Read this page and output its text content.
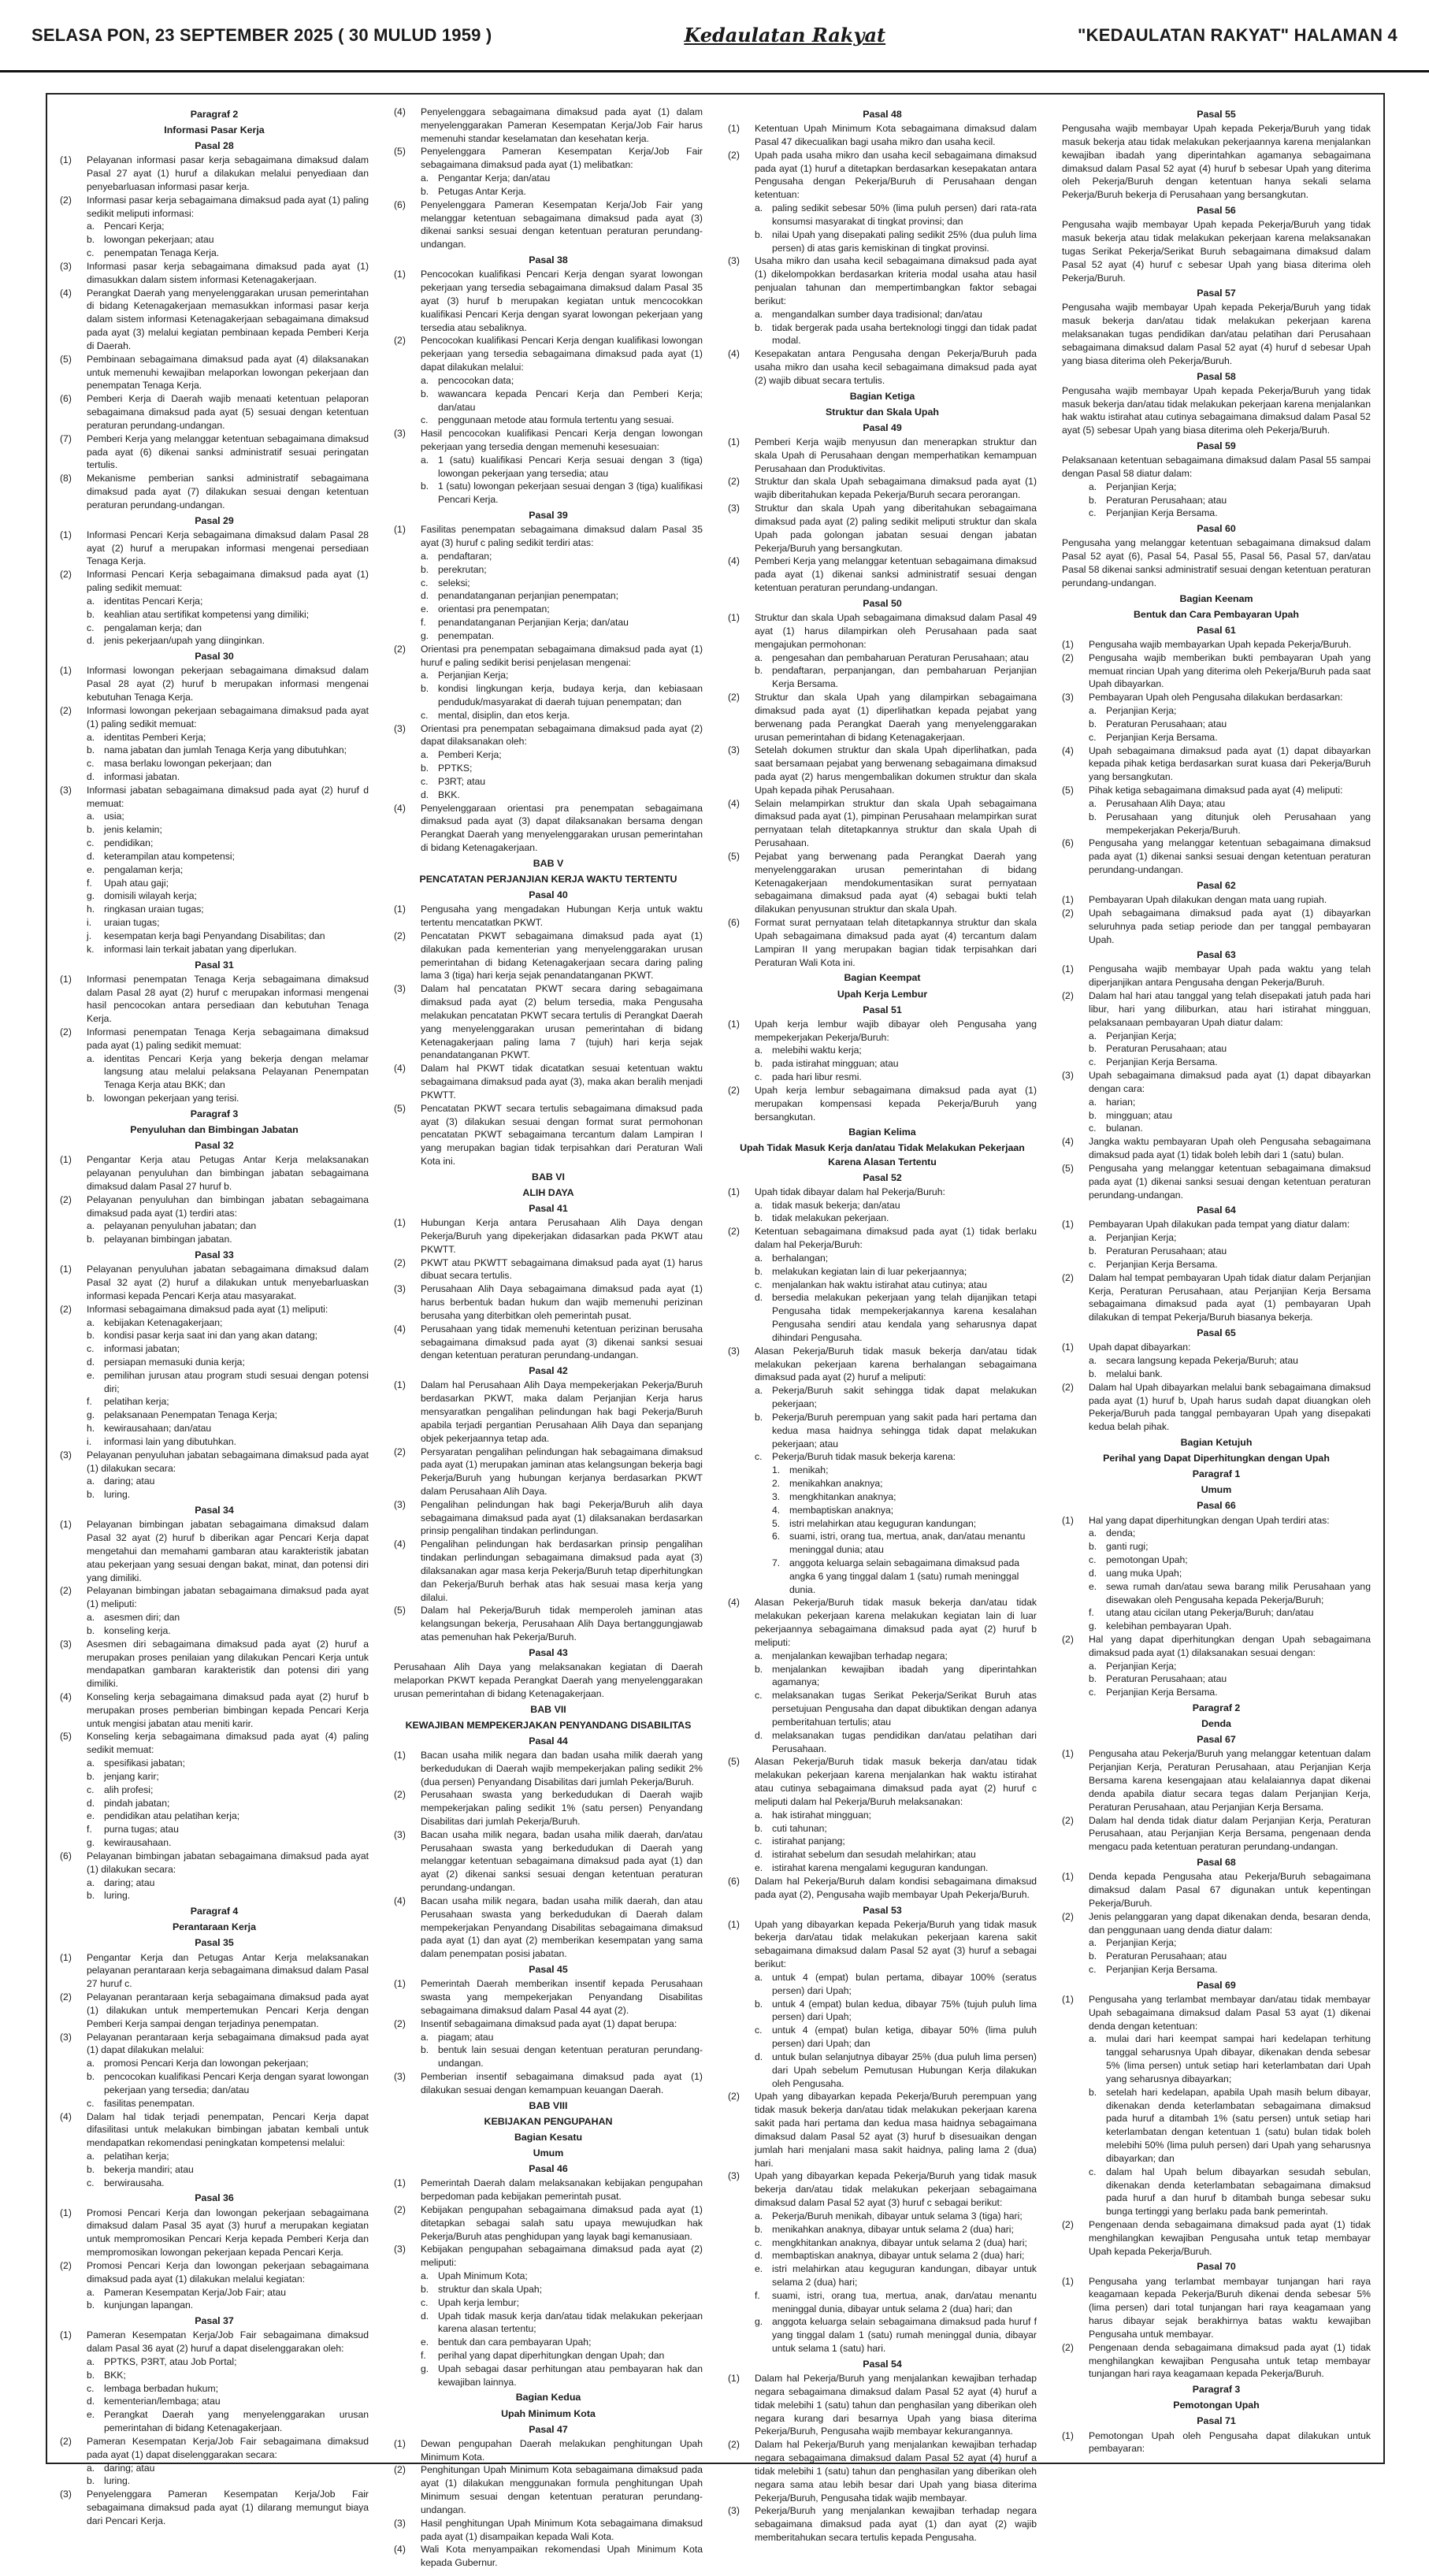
SELASA PON, 23 SEPTEMBER 2025 ( 30 MULUD 1959 )	Kedaulatan Rakyat	"KEDAULATAN RAKYAT" HALAMAN 4
Paragraf 2
Informasi Pasar Kerja
Pasal 28
(1)	Pelayanan informasi pasar kerja sebagaimana dimaksud dalam Pasal 27 ayat (1) huruf a dilakukan melalui penyediaan dan penyebarluasan informasi pasar kerja.
(2)	Informasi pasar kerja sebagaimana dimaksud pada ayat (1) paling sedikit meliputi informasi:
a. Pencari Kerja;
b. lowongan pekerjaan; atau
c.	penempatan Tenaga Kerja.
(3)	Informasi pasar kerja sebagaimana dimaksud pada ayat (1) dimasukkan dalam sistem informasi Ketenagakerjaan.
(4)	Perangkat Daerah yang menyelenggarakan urusan pemerintahan di bidang Ketenagakerjaan memasukkan informasi pasar kerja dalam sistem informasi Ketenagakerjaan sebagaimana dimaksud pada ayat (3) melalui kegiatan pembinaan kepada Pemberi Kerja di Daerah.
(5)	Pembinaan sebagaimana dimaksud pada ayat (4) dilaksanakan untuk memenuhi kewajiban melaporkan lowongan pekerjaan dan penempatan Tenaga Kerja.
(6)	Pemberi Kerja di Daerah wajib menaati ketentuan pelaporan sebagaimana dimaksud pada ayat (5) sesuai dengan ketentuan peraturan perundang-undangan.
(7)	Pemberi Kerja yang melanggar ketentuan sebagaimana dimaksud pada ayat (6) dikenai sanksi administratif sesuai peringatan tertulis.
(8)	Mekanisme pemberian sanksi administratif sebagaimana dimaksud pada ayat (7) dilakukan sesuai dengan ketentuan peraturan perundang-undangan.
Pasal 29
(1)	Informasi Pencari Kerja sebagaimana dimaksud dalam Pasal 28 ayat (2) huruf a merupakan informasi mengenai persediaan Tenaga Kerja.
(2)	Informasi Pencari Kerja sebagaimana dimaksud pada ayat (1) paling sedikit memuat:
a. identitas Pencari Kerja;
b. keahlian atau sertifikat kompetensi yang dimiliki;
c.	pengalaman kerja; dan
d. jenis pekerjaan/upah yang diinginkan.
Pasal 30
(1)	Informasi lowongan pekerjaan sebagaimana dimaksud dalam Pasal 28 ayat (2) huruf b merupakan informasi mengenai kebutuhan Tenaga Kerja.
(2)	Informasi lowongan pekerjaan sebagaimana dimaksud pada ayat (1) paling sedikit memuat:
a. identitas Pemberi Kerja;
b. nama jabatan dan jumlah Tenaga Kerja yang dibutuhkan;
c.	masa berlaku lowongan pekerjaan; dan
d. informasi jabatan.
(3)	Informasi jabatan sebagaimana dimaksud pada ayat (2) huruf d memuat:
a. usia;
b. jenis kelamin;
c.	pendidikan;
d. keterampilan atau kompetensi;
e. pengalaman kerja;
f.	Upah atau gaji;
g. domisili wilayah kerja;
h. ringkasan uraian tugas;
i.	uraian tugas;
j.	kesempatan kerja bagi Penyandang Disabilitas; dan
k.	informasi lain terkait jabatan yang diperlukan.
Pasal 31
(1)	Informasi penempatan Tenaga Kerja sebagaimana dimaksud dalam Pasal 28 ayat (2) huruf c merupakan informasi mengenai hasil pencocokan antara persediaan dan kebutuhan Tenaga Kerja.
(2)	Informasi penempatan Tenaga Kerja sebagaimana dimaksud pada ayat (1) paling sedikit memuat:
a. identitas Pencari Kerja yang bekerja dengan melamar langsung atau melalui pelaksana Pelayanan Penempatan Tenaga Kerja atau BKK; dan
b. lowongan pekerjaan yang terisi.
Paragraf 3
Penyuluhan dan Bimbingan Jabatan
Pasal 32
(1)	Pengantar Kerja atau Petugas Antar Kerja melaksanakan pelayanan penyuluhan dan bimbingan jabatan sebagaimana dimaksud dalam Pasal 27 huruf b.
(2)	Pelayanan penyuluhan dan bimbingan jabatan sebagaimana dimaksud pada ayat (1) terdiri atas:
a. pelayanan penyuluhan jabatan; dan
b. pelayanan bimbingan jabatan.
Pasal 33
(1)	Pelayanan penyuluhan jabatan sebagaimana dimaksud dalam Pasal 32 ayat (2) huruf a dilakukan untuk menyebarluaskan informasi kepada Pencari Kerja atau masyarakat.
(2)	Informasi sebagaimana dimaksud pada ayat (1) meliputi:
a. kebijakan Ketenagakerjaan;
b. kondisi pasar kerja saat ini dan yang akan datang;
c.	informasi jabatan;
d. persiapan memasuki dunia kerja;
e. pemilihan jurusan atau program studi sesuai dengan potensi diri;
f.	pelatihan kerja;
g. pelaksanaan Penempatan Tenaga Kerja;
h. kewirausahaan; dan/atau
i.	informasi lain yang dibutuhkan.
(3)	Pelayanan penyuluhan jabatan sebagaimana dimaksud pada ayat (1) dilakukan secara:
a. daring; atau
b. luring.
Pasal 34
(1)	Pelayanan bimbingan jabatan sebagaimana dimaksud dalam Pasal 32 ayat (2) huruf b diberikan agar Pencari Kerja dapat mengetahui dan memahami gambaran atau karakteristik jabatan atau pekerjaan yang sesuai dengan bakat, minat, dan potensi diri yang dimiliki.
(2)	Pelayanan bimbingan jabatan sebagaimana dimaksud pada ayat (1) meliputi:
a. asesmen diri; dan
b. konseling kerja.
(3)	Asesmen diri sebagaimana dimaksud pada ayat (2) huruf a merupakan proses penilaian yang dilakukan Pencari Kerja untuk mendapatkan gambaran karakteristik dan potensi diri yang dimiliki.
(4)	Konseling kerja sebagaimana dimaksud pada ayat (2) huruf b merupakan proses pemberian bimbingan kepada Pencari Kerja untuk mengisi jabatan atau meniti karir.
(5)	Konseling kerja sebagaimana dimaksud pada ayat (4) paling sedikit memuat:
a. spesifikasi jabatan;
b. jenjang karir;
c.	alih profesi;
d. pindah jabatan;
e. pendidikan atau pelatihan kerja;
f.	purna tugas; atau
g. kewirausahaan.
(6)	Pelayanan bimbingan jabatan sebagaimana dimaksud pada ayat (1) dilakukan secara:
a. daring; atau
b. luring.
Paragraf 4
Perantaraan Kerja
Pasal 35
(1)	Pengantar Kerja dan Petugas Antar Kerja melaksanakan pelayanan perantaraan kerja sebagaimana dimaksud dalam Pasal 27 huruf c.
(2)	Pelayanan perantaraan kerja sebagaimana dimaksud pada ayat (1) dilakukan untuk mempertemukan Pencari Kerja dengan Pemberi Kerja sampai dengan terjadinya penempatan.
(3)	Pelayanan perantaraan kerja sebagaimana dimaksud pada ayat (1) dapat dilakukan melalui:
a. promosi Pencari Kerja dan lowongan pekerjaan;
b. pencocokan kualifikasi Pencari Kerja dengan syarat lowongan pekerjaan yang tersedia; dan/atau
c.	fasilitas penempatan.
(4)	Dalam hal tidak terjadi penempatan, Pencari Kerja dapat difasilitasi untuk melakukan bimbingan jabatan kembali untuk mendapatkan rekomendasi peningkatan kompetensi melalui:
a. pelatihan kerja;
b. bekerja mandiri; atau
c.	berwirausaha.
Pasal 36
(1)	Promosi Pencari Kerja dan lowongan pekerjaan sebagaimana dimaksud dalam Pasal 35 ayat (3) huruf a merupakan kegiatan untuk mempromosikan Pencari Kerja kepada Pemberi Kerja dan mempromosikan lowongan pekerjaan kepada Pencari Kerja.
(2)	Promosi Pencari Kerja dan lowongan pekerjaan sebagaimana dimaksud pada ayat (1) dilakukan melalui kegiatan:
a. Pameran Kesempatan Kerja/Job Fair; atau
b. kunjungan lapangan.
Pasal 37
(1)	Pameran Kesempatan Kerja/Job Fair sebagaimana dimaksud dalam Pasal 36 ayat (2) huruf a dapat diselenggarakan oleh:
a. PPTKS, P3RT, atau Job Portal;
b. BKK;
c.	lembaga berbadan hukum;
d. kementerian/lembaga; atau
e. Perangkat Daerah yang menyelenggarakan urusan pemerintahan di bidang Ketenagakerjaan.
(2)	Pameran Kesempatan Kerja/Job Fair sebagaimana dimaksud pada ayat (1) dapat diselenggarakan secara:
a. daring; atau
b. luring.
(3)	Penyelenggara Pameran Kesempatan Kerja/Job Fair sebagaimana dimaksud pada ayat (1) dilarang memungut biaya dari Pencari Kerja.
(4)	Penyelenggara sebagaimana dimaksud pada ayat (1) dalam menyelenggarakan Pameran Kesempatan Kerja/Job Fair harus memenuhi standar keselamatan dan kesehatan kerja.
(5)	Penyelenggara Pameran Kesempatan Kerja/Job Fair sebagaimana dimaksud pada ayat (1) melibatkan:
a. Pengantar Kerja; dan/atau
b. Petugas Antar Kerja.
(6)	Penyelenggara Pameran Kesempatan Kerja/Job Fair yang melanggar ketentuan sebagaimana dimaksud pada ayat (3) dikenai sanksi sesuai dengan ketentuan peraturan perundang-undangan.
Pasal 38
(1)	Pencocokan kualifikasi Pencari Kerja dengan syarat lowongan pekerjaan yang tersedia sebagaimana dimaksud dalam Pasal 35 ayat (3) huruf b merupakan kegiatan untuk mencocokkan kualifikasi Pencari Kerja dengan syarat lowongan pekerjaan yang tersedia atau sebaliknya.
(2)	Pencocokan kualifikasi Pencari Kerja dengan kualifikasi lowongan pekerjaan yang tersedia sebagaimana dimaksud pada ayat (1) dapat dilakukan melalui:
a. pencocokan data;
b. wawancara kepada Pencari Kerja dan Pemberi Kerja; dan/atau
c.	penggunaan metode atau formula tertentu yang sesuai.
(3)	Hasil pencocokan kualifikasi Pencari Kerja dengan lowongan pekerjaan yang tersedia dengan memenuhi kesesuaian:
a. 1 (satu) kualifikasi Pencari Kerja sesuai dengan 3 (tiga) lowongan pekerjaan yang tersedia; atau
b. 1 (satu) lowongan pekerjaan sesuai dengan 3 (tiga) kualifikasi Pencari Kerja.
Pasal 39
(1)	Fasilitas penempatan sebagaimana dimaksud dalam Pasal 35 ayat (3) huruf c paling sedikit terdiri atas:
a. pendaftaran;
b. perekrutan;
c.	seleksi;
d. penandatanganan perjanjian penempatan;
e. orientasi pra penempatan;
f.	penandatanganan Perjanjian Kerja; dan/atau
g. penempatan.
(2)	Orientasi pra penempatan sebagaimana dimaksud pada ayat (1) huruf e paling sedikit berisi penjelasan mengenai:
a. Perjanjian Kerja;
b. kondisi lingkungan kerja, budaya kerja, dan kebiasaan penduduk/masyarakat di daerah tujuan penempatan; dan
c.	mental, disiplin, dan etos kerja.
(3)	Orientasi pra penempatan sebagaimana dimaksud pada ayat (2) dapat dilaksanakan oleh:
a. Pemberi Kerja;
b. PPTKS;
c.	P3RT; atau
d. BKK.
(4)	Penyelenggaraan orientasi pra penempatan sebagaimana dimaksud pada ayat (3) dapat dilaksanakan bersama dengan Perangkat Daerah yang menyelenggarakan urusan pemerintahan di bidang Ketenagakerjaan.
BAB V
PENCATATAN PERJANJIAN KERJA WAKTU TERTENTU
Pasal 40
(1)	Pengusaha yang mengadakan Hubungan Kerja untuk waktu tertentu mencatatkan PKWT.
(2)	Pencatatan PKWT sebagaimana dimaksud pada ayat (1) dilakukan pada kementerian yang menyelenggarakan urusan pemerintahan di bidang Ketenagakerjaan secara daring paling lama 3 (tiga) hari kerja sejak penandatanganan PKWT.
(3)	Dalam hal pencatatan PKWT secara daring sebagaimana dimaksud pada ayat (2) belum tersedia, maka Pengusaha melakukan pencatatan PKWT secara tertulis di Perangkat Daerah yang menyelenggarakan urusan pemerintahan di bidang Ketenagakerjaan paling lama 7 (tujuh) hari kerja sejak penandatanganan PKWT.
(4)	Dalam hal PKWT tidak dicatatkan sesuai ketentuan waktu sebagaimana dimaksud pada ayat (3), maka akan beralih menjadi PKWTT.
(5)	Pencatatan PKWT secara tertulis sebagaimana dimaksud pada ayat (3) dilakukan sesuai dengan format surat permohonan pencatatan PKWT sebagaimana tercantum dalam Lampiran I yang merupakan bagian tidak terpisahkan dari Peraturan Wali Kota ini.
BAB VI
ALIH DAYA
Pasal 41
(1)	Hubungan Kerja antara Perusahaan Alih Daya dengan Pekerja/Buruh yang dipekerjakan didasarkan pada PKWT atau PKWTT.
(2)	PKWT atau PKWTT sebagaimana dimaksud pada ayat (1) harus dibuat secara tertulis.
(3)	Perusahaan Alih Daya sebagaimana dimaksud pada ayat (1) harus berbentuk badan hukum dan wajib memenuhi perizinan berusaha yang diterbitkan oleh pemerintah pusat.
(4)	Perusahaan yang tidak memenuhi ketentuan perizinan berusaha sebagaimana dimaksud pada ayat (3) dikenai sanksi sesuai dengan ketentuan peraturan perundang-undangan.
Pasal 42
(1)	Dalam hal Perusahaan Alih Daya mempekerjakan Pekerja/Buruh berdasarkan PKWT, maka dalam Perjanjian Kerja harus mensyaratkan pengalihan pelindungan hak bagi Pekerja/Buruh apabila terjadi pergantian Perusahaan Alih Daya dan sepanjang objek pekerjaannya tetap ada.
(2)	Persyaratan pengalihan pelindungan hak sebagaimana dimaksud pada ayat (1) merupakan jaminan atas kelangsungan bekerja bagi Pekerja/Buruh yang hubungan kerjanya berdasarkan PKWT dalam Perusahaan Alih Daya.
(3)	Pengalihan pelindungan hak bagi Pekerja/Buruh alih daya sebagaimana dimaksud pada ayat (1) dilaksanakan berdasarkan prinsip pengalihan tindakan perlindungan.
(4)	Pengalihan pelindungan hak berdasarkan prinsip pengalihan tindakan perlindungan sebagaimana dimaksud pada ayat (3) dilaksanakan agar masa kerja Pekerja/Buruh tetap diperhitungkan dan Pekerja/Buruh berhak atas hak sesuai masa kerja yang dilalui.
(5)	Dalam hal Pekerja/Buruh tidak memperoleh jaminan atas kelangsungan bekerja, Perusahaan Alih Daya bertanggungjawab atas pemenuhan hak Pekerja/Buruh.
Pasal 43
Perusahaan Alih Daya yang melaksanakan kegiatan di Daerah melaporkan PKWT kepada Perangkat Daerah yang menyelenggarakan urusan pemerintahan di bidang Ketenagakerjaan.
BAB VII
KEWAJIBAN MEMPEKERJAKAN PENYANDANG DISABILITAS
Pasal 44
(1)	Bacan usaha milik negara dan badan usaha milik daerah yang berkedudukan di Daerah wajib mempekerjakan paling sedikit 2% (dua persen) Penyandang Disabilitas dari jumlah Pekerja/Buruh.
(2)	Perusahaan swasta yang berkedudukan di Daerah wajib mempekerjakan paling sedikit 1% (satu persen) Penyandang Disabilitas dari jumlah Pekerja/Buruh.
(3)	Bacan usaha milik negara, badan usaha milik daerah, dan/atau Perusahaan swasta yang berkedudukan di Daerah yang melanggar ketentuan sebagaimana dimaksud pada ayat (1) dan ayat (2) dikenai sanksi sesuai dengan ketentuan peraturan perundang-undangan.
(4)	Bacan usaha milik negara, badan usaha milik daerah, dan atau Perusahaan swasta yang berkedudukan di Daerah dalam mempekerjakan Penyandang Disabilitas sebagaimana dimaksud pada ayat (1) dan ayat (2) memberikan kesempatan yang sama dalam penempatan posisi jabatan.
Pasal 45
(1)	Pemerintah Daerah memberikan insentif kepada Perusahaan swasta yang mempekerjakan Penyandang Disabilitas sebagaimana dimaksud dalam Pasal 44 ayat (2).
(2)	Insentif sebagaimana dimaksud pada ayat (1) dapat berupa:
a. piagam; atau
b. bentuk lain sesuai dengan ketentuan peraturan perundang-undangan.
(3)	Pemberian insentif sebagaimana dimaksud pada ayat (1) dilakukan sesuai dengan kemampuan keuangan Daerah.
BAB VIII
KEBIJAKAN PENGUPAHAN
Bagian Kesatu
Umum
Pasal 46
(1)	Pemerintah Daerah dalam melaksanakan kebijakan pengupahan berpedoman pada kebijakan pemerintah pusat.
(2)	Kebijakan pengupahan sebagaimana dimaksud pada ayat (1) ditetapkan sebagai salah satu upaya mewujudkan hak Pekerja/Buruh atas penghidupan yang layak bagi kemanusiaan.
(3)	Kebijakan pengupahan sebagaimana dimaksud pada ayat (2) meliputi:
a. Upah Minimum Kota;
b. struktur dan skala Upah;
c.	Upah kerja lembur;
d. Upah tidak masuk kerja dan/atau tidak melakukan pekerjaan karena alasan tertentu;
e. bentuk dan cara pembayaran Upah;
f.	perihal yang dapat diperhitungkan dengan Upah; dan
g. Upah sebagai dasar perhitungan atau pembayaran hak dan kewajiban lainnya.
Bagian Kedua
Upah Minimum Kota
Pasal 47
(1)	Dewan pengupahan Daerah melakukan penghitungan Upah Minimum Kota.
(2)	Penghitungan Upah Minimum Kota sebagaimana dimaksud pada ayat (1) dilakukan menggunakan formula penghitungan Upah Minimum sesuai dengan ketentuan peraturan perundang-undangan.
(3)	Hasil penghitungan Upah Minimum Kota sebagaimana dimaksud pada ayat (1) disampaikan kepada Wali Kota.
(4)	Wali Kota menyampaikan rekomendasi Upah Minimum Kota kepada Gubernur.
Pasal 48
(1)	Ketentuan Upah Minimum Kota sebagaimana dimaksud dalam Pasal 47 dikecualikan bagi usaha mikro dan usaha kecil.
(2)	Upah pada usaha mikro dan usaha kecil sebagaimana dimaksud pada ayat (1) huruf a ditetapkan berdasarkan kesepakatan antara Pengusaha dengan Pekerja/Buruh di Perusahaan dengan ketentuan:
a. paling sedikit sebesar 50% (lima puluh persen) dari rata-rata konsumsi masyarakat di tingkat provinsi; dan
b. nilai Upah yang disepakati paling sedikit 25% (dua puluh lima persen) di atas garis kemiskinan di tingkat provinsi.
(3)	Usaha mikro dan usaha kecil sebagaimana dimaksud pada ayat (1) dikelompokkan berdasarkan kriteria modal usaha atau hasil penjualan tahunan dan mempertimbangkan faktor sebagai berikut:
a. mengandalkan sumber daya tradisional; dan/atau
b. tidak bergerak pada usaha berteknologi tinggi dan tidak padat modal.
(4)	Kesepakatan antara Pengusaha dengan Pekerja/Buruh pada usaha mikro dan usaha kecil sebagaimana dimaksud pada ayat (2) wajib dibuat secara tertulis.
Bagian Ketiga
Struktur dan Skala Upah
Pasal 49
(1)	Pemberi Kerja wajib menyusun dan menerapkan struktur dan skala Upah di Perusahaan dengan memperhatikan kemampuan Perusahaan dan Produktivitas.
(2)	Struktur dan skala Upah sebagaimana dimaksud pada ayat (1) wajib diberitahukan kepada Pekerja/Buruh secara perorangan.
(3)	Struktur dan skala Upah yang diberitahukan sebagaimana dimaksud pada ayat (2) paling sedikit meliputi struktur dan skala Upah pada golongan jabatan sesuai dengan jabatan Pekerja/Buruh yang bersangkutan.
(4)	Pemberi Kerja yang melanggar ketentuan sebagaimana dimaksud pada ayat (1) dikenai sanksi administratif sesuai dengan ketentuan peraturan perundang-undangan.
Pasal 50
(1)	Struktur dan skala Upah sebagaimana dimaksud dalam Pasal 49 ayat (1) harus dilampirkan oleh Perusahaan pada saat mengajukan permohonan:
a. pengesahan dan pembaharuan Peraturan Perusahaan; atau
b. pendaftaran, perpanjangan, dan pembaharuan Perjanjian Kerja Bersama.
(2)	Struktur dan skala Upah yang dilampirkan sebagaimana dimaksud pada ayat (1) diperlihatkan kepada pejabat yang berwenang pada Perangkat Daerah yang menyelenggarakan urusan pemerintahan di bidang Ketenagakerjaan.
(3)	Setelah dokumen struktur dan skala Upah diperlihatkan, pada saat bersamaan pejabat yang berwenang sebagaimana dimaksud pada ayat (2) harus mengembalikan dokumen struktur dan skala Upah kepada pihak Perusahaan.
(4)	Selain melampirkan struktur dan skala Upah sebagaimana dimaksud pada ayat (1), pimpinan Perusahaan melampirkan surat pernyataan telah ditetapkannya struktur dan skala Upah di Perusahaan.
(5)	Pejabat yang berwenang pada Perangkat Daerah yang menyelenggarakan urusan pemerintahan di bidang Ketenagakerjaan mendokumentasikan surat pernyataan sebagaimana dimaksud pada ayat (4) sebagai bukti telah dilakukan penyusunan struktur dan skala Upah.
(6)	Format surat pernyataan telah ditetapkannya struktur dan skala Upah sebagaimana dimaksud pada ayat (4) tercantum dalam Lampiran II yang merupakan bagian tidak terpisahkan dari Peraturan Wali Kota ini.
Bagian Keempat
Upah Kerja Lembur
Pasal 51
(1)	Upah kerja lembur wajib dibayar oleh Pengusaha yang mempekerjakan Pekerja/Buruh:
a. melebihi waktu kerja;
b. pada istirahat mingguan; atau
c.	pada hari libur resmi.
(2)	Upah kerja lembur sebagaimana dimaksud pada ayat (1) merupakan kompensasi kepada Pekerja/Buruh yang bersangkutan.
Bagian Kelima
Upah Tidak Masuk Kerja dan/atau Tidak Melakukan Pekerjaan Karena Alasan Tertentu
Pasal 52
(1)	Upah tidak dibayar dalam hal Pekerja/Buruh:
a. tidak masuk bekerja; dan/atau
b. tidak melakukan pekerjaan.
(2)	Ketentuan sebagaimana dimaksud pada ayat (1) tidak berlaku dalam hal Pekerja/Buruh:
a. berhalangan;
b. melakukan kegiatan lain di luar pekerjaannya;
c.	menjalankan hak waktu istirahat atau cutinya; atau
d. bersedia melakukan pekerjaan yang telah dijanjikan tetapi Pengusaha tidak mempekerjakannya karena kesalahan Pengusaha sendiri atau kendala yang seharusnya dapat dihindari Pengusaha.
(3)	Alasan Pekerja/Buruh tidak masuk bekerja dan/atau tidak melakukan pekerjaan karena berhalangan sebagaimana dimaksud pada ayat (2) huruf a meliputi:
a. Pekerja/Buruh sakit sehingga tidak dapat melakukan pekerjaan;
b. Pekerja/Buruh perempuan yang sakit pada hari pertama dan kedua masa haidnya sehingga tidak dapat melakukan pekerjaan; atau
c.	Pekerja/Buruh tidak masuk bekerja karena:
1. menikah;
2. menikahkan anaknya;
3. mengkhitankan anaknya;
4. membaptiskan anaknya;
5. istri melahirkan atau keguguran kandungan;
6. suami, istri, orang tua, mertua, anak, dan/atau menantu meninggal dunia; atau
7. anggota keluarga selain sebagaimana dimaksud pada angka 6 yang tinggal dalam 1 (satu) rumah meninggal dunia.
(4)	Alasan Pekerja/Buruh tidak masuk bekerja dan/atau tidak melakukan pekerjaan karena melakukan kegiatan lain di luar pekerjaannya sebagaimana dimaksud pada ayat (2) huruf b meliputi:
a. menjalankan kewajiban terhadap negara;
b. menjalankan kewajiban ibadah yang diperintahkan agamanya;
c.	melaksanakan tugas Serikat Pekerja/Serikat Buruh atas persetujuan Pengusaha dan dapat dibuktikan dengan adanya pemberitahuan tertulis; atau
d. melaksanakan tugas pendidikan dan/atau pelatihan dari Perusahaan.
(5)	Alasan Pekerja/Buruh tidak masuk bekerja dan/atau tidak melakukan pekerjaan karena menjalankan hak waktu istirahat atau cutinya sebagaimana dimaksud pada ayat (2) huruf c meliputi dalam hal Pekerja/Buruh melaksanakan:
a. hak istirahat mingguan;
b. cuti tahunan;
c.	istirahat panjang;
d. istirahat sebelum dan sesudah melahirkan; atau
e. istirahat karena mengalami keguguran kandungan.
(6)	Dalam hal Pekerja/Buruh dalam kondisi sebagaimana dimaksud pada ayat (2), Pengusaha wajib membayar Upah Pekerja/Buruh.
Pasal 53
(1)	Upah yang dibayarkan kepada Pekerja/Buruh yang tidak masuk bekerja dan/atau tidak melakukan pekerjaan karena sakit sebagaimana dimaksud dalam Pasal 52 ayat (3) huruf a sebagai berikut:
a. untuk 4 (empat) bulan pertama, dibayar 100% (seratus persen) dari Upah;
b. untuk 4 (empat) bulan kedua, dibayar 75% (tujuh puluh lima persen) dari Upah;
c.	untuk 4 (empat) bulan ketiga, dibayar 50% (lima puluh persen) dari Upah; dan
d. untuk bulan selanjutnya dibayar 25% (dua puluh lima persen) dari Upah sebelum Pemutusan Hubungan Kerja dilakukan oleh Pengusaha.
(2)	Upah yang dibayarkan kepada Pekerja/Buruh perempuan yang tidak masuk bekerja dan/atau tidak melakukan pekerjaan karena sakit pada hari pertama dan kedua masa haidnya sebagaimana dimaksud dalam Pasal 52 ayat (3) huruf b disesuaikan dengan jumlah hari menjalani masa sakit haidnya, paling lama 2 (dua) hari.
(3)	Upah yang dibayarkan kepada Pekerja/Buruh yang tidak masuk bekerja dan/atau tidak melakukan pekerjaan sebagaimana dimaksud dalam Pasal 52 ayat (3) huruf c sebagai berikut:
a. Pekerja/Buruh menikah, dibayar untuk selama 3 (tiga) hari;
b. menikahkan anaknya, dibayar untuk selama 2 (dua) hari;
c.	mengkhitankan anaknya, dibayar untuk selama 2 (dua) hari;
d. membaptiskan anaknya, dibayar untuk selama 2 (dua) hari;
e. istri melahirkan atau keguguran kandungan, dibayar untuk selama 2 (dua) hari;
f.	suami, istri, orang tua, mertua, anak, dan/atau menantu meninggal dunia, dibayar untuk selama 2 (dua) hari; dan
g. anggota keluarga selain sebagaimana dimaksud pada huruf f yang tinggal dalam 1 (satu) rumah meninggal dunia, dibayar untuk selama 1 (satu) hari.
Pasal 54
(1)	Dalam hal Pekerja/Buruh yang menjalankan kewajiban terhadap negara sebagaimana dimaksud dalam Pasal 52 ayat (4) huruf a tidak melebihi 1 (satu) tahun dan penghasilan yang diberikan oleh negara kurang dari besarnya Upah yang biasa diterima Pekerja/Buruh, Pengusaha wajib membayar kekurangannya.
(2)	Dalam hal Pekerja/Buruh yang menjalankan kewajiban terhadap negara sebagaimana dimaksud dalam Pasal 52 ayat (4) huruf a tidak melebihi 1 (satu) tahun dan penghasilan yang diberikan oleh negara sama atau lebih besar dari Upah yang biasa diterima Pekerja/Buruh, Pengusaha tidak wajib membayar.
(3)	Pekerja/Buruh yang menjalankan kewajiban terhadap negara sebagaimana dimaksud pada ayat (1) dan ayat (2) wajib memberitahukan secara tertulis kepada Pengusaha.
Pasal 55
Pengusaha wajib membayar Upah kepada Pekerja/Buruh yang tidak masuk bekerja atau tidak melakukan pekerjaannya karena menjalankan kewajiban ibadah yang diperintahkan agamanya sebagaimana dimaksud dalam Pasal 52 ayat (4) huruf b sebesar Upah yang diterima oleh Pekerja/Buruh dengan ketentuan hanya sekali selama Pekerja/Buruh bekerja di Perusahaan yang bersangkutan.
Pasal 56
Pengusaha wajib membayar Upah kepada Pekerja/Buruh yang tidak masuk bekerja atau tidak melakukan pekerjaan karena melaksanakan tugas Serikat Pekerja/Serikat Buruh sebagaimana dimaksud dalam Pasal 52 ayat (4) huruf c sebesar Upah yang biasa diterima oleh Pekerja/Buruh.
Pasal 57
Pengusaha wajib membayar Upah kepada Pekerja/Buruh yang tidak masuk bekerja dan/atau tidak melakukan pekerjaan karena melaksanakan tugas pendidikan dan/atau pelatihan dari Perusahaan sebagaimana dimaksud dalam Pasal 52 ayat (4) huruf d sebesar Upah yang biasa diterima oleh Pekerja/Buruh.
Pasal 58
Pengusaha wajib membayar Upah kepada Pekerja/Buruh yang tidak masuk bekerja dan/atau tidak melakukan pekerjaan karena menjalankan hak waktu istirahat atau cutinya sebagaimana dimaksud dalam Pasal 52 ayat (5) sebesar Upah yang biasa diterima oleh Pekerja/Buruh.
Pasal 59
Pelaksanaan ketentuan sebagaimana dimaksud dalam Pasal 55 sampai dengan Pasal 58 diatur dalam:
a. Perjanjian Kerja;
b. Peraturan Perusahaan; atau
c.	Perjanjian Kerja Bersama.
Pasal 60
Pengusaha yang melanggar ketentuan sebagaimana dimaksud dalam Pasal 52 ayat (6), Pasal 54, Pasal 55, Pasal 56, Pasal 57, dan/atau Pasal 58 dikenai sanksi administratif sesuai dengan ketentuan peraturan perundang-undangan.
Bagian Keenam
Bentuk dan Cara Pembayaran Upah
Pasal 61
(1)	Pengusaha wajib membayarkan Upah kepada Pekerja/Buruh.
(2)	Pengusaha wajib memberikan bukti pembayaran Upah yang memuat rincian Upah yang diterima oleh Pekerja/Buruh pada saat Upah dibayarkan.
(3)	Pembayaran Upah oleh Pengusaha dilakukan berdasarkan:
a. Perjanjian Kerja;
b. Peraturan Perusahaan; atau
c.	Perjanjian Kerja Bersama.
(4)	Upah sebagaimana dimaksud pada ayat (1) dapat dibayarkan kepada pihak ketiga berdasarkan surat kuasa dari Pekerja/Buruh yang bersangkutan.
(5)	Pihak ketiga sebagaimana dimaksud pada ayat (4) meliputi:
a. Perusahaan Alih Daya; atau
b. Perusahaan yang ditunjuk oleh Perusahaan yang mempekerjakan Pekerja/Buruh.
(6)	Pengusaha yang melanggar ketentuan sebagaimana dimaksud pada ayat (1) dikenai sanksi sesuai dengan ketentuan peraturan perundang-undangan.
Pasal 62
(1)	Pembayaran Upah dilakukan dengan mata uang rupiah.
(2)	Upah sebagaimana dimaksud pada ayat (1) dibayarkan seluruhnya pada setiap periode dan per tanggal pembayaran Upah.
Pasal 63
(1)	Pengusaha wajib membayar Upah pada waktu yang telah diperjanjikan antara Pengusaha dengan Pekerja/Buruh.
(2)	Dalam hal hari atau tanggal yang telah disepakati jatuh pada hari libur, hari yang diliburkan, atau hari istirahat mingguan, pelaksanaan pembayaran Upah diatur dalam:
a. Perjanjian Kerja;
b. Peraturan Perusahaan; atau
c.	Perjanjian Kerja Bersama.
(3)	Upah sebagaimana dimaksud pada ayat (1) dapat dibayarkan dengan cara:
a. harian;
b. mingguan; atau
c.	bulanan.
(4)	Jangka waktu pembayaran Upah oleh Pengusaha sebagaimana dimaksud pada ayat (1) tidak boleh lebih dari 1 (satu) bulan.
(5)	Pengusaha yang melanggar ketentuan sebagaimana dimaksud pada ayat (1) dikenai sanksi sesuai dengan ketentuan peraturan perundang-undangan.
Pasal 64
(1)	Pembayaran Upah dilakukan pada tempat yang diatur dalam:
a. Perjanjian Kerja;
b. Peraturan Perusahaan; atau
c.	Perjanjian Kerja Bersama.
(2)	Dalam hal tempat pembayaran Upah tidak diatur dalam Perjanjian Kerja, Peraturan Perusahaan, atau Perjanjian Kerja Bersama sebagaimana dimaksud pada ayat (1) pembayaran Upah dilakukan di tempat Pekerja/Buruh biasanya bekerja.
Pasal 65
(1)	Upah dapat dibayarkan:
a. secara langsung kepada Pekerja/Buruh; atau
b. melalui bank.
(2)	Dalam hal Upah dibayarkan melalui bank sebagaimana dimaksud pada ayat (1) huruf b, Upah harus sudah dapat diuangkan oleh Pekerja/Buruh pada tanggal pembayaran Upah yang disepakati kedua belah pihak.
Bagian Ketujuh
Perihal yang Dapat Diperhitungkan dengan Upah
Paragraf 1
Umum
Pasal 66
(1)	Hal yang dapat diperhitungkan dengan Upah terdiri atas:
a. denda;
b. ganti rugi;
c.	pemotongan Upah;
d. uang muka Upah;
e. sewa rumah dan/atau sewa barang milik Perusahaan yang disewakan oleh Pengusaha kepada Pekerja/Buruh;
f.	utang atau cicilan utang Pekerja/Buruh; dan/atau
g. kelebihan pembayaran Upah.
(2)	Hal yang dapat diperhitungkan dengan Upah sebagaimana dimaksud pada ayat (1) dilaksanakan sesuai dengan:
a. Perjanjian Kerja;
b. Peraturan Perusahaan; atau
c.	Perjanjian Kerja Bersama.
Paragraf 2
Denda
Pasal 67
(1)	Pengusaha atau Pekerja/Buruh yang melanggar ketentuan dalam Perjanjian Kerja, Peraturan Perusahaan, atau Perjanjian Kerja Bersama karena kesengajaan atau kelalaiannya dapat dikenai denda apabila diatur secara tegas dalam Perjanjian Kerja, Peraturan Perusahaan, atau Perjanjian Kerja Bersama.
(2)	Dalam hal denda tidak diatur dalam Perjanjian Kerja, Peraturan Perusahaan, atau Perjanjian Kerja Bersama, pengenaan denda mengacu pada ketentuan peraturan perundang-undangan.
Pasal 68
(1)	Denda kepada Pengusaha atau Pekerja/Buruh sebagaimana dimaksud dalam Pasal 67 digunakan untuk kepentingan Pekerja/Buruh.
(2)	Jenis pelanggaran yang dapat dikenakan denda, besaran denda, dan penggunaan uang denda diatur dalam:
a. Perjanjian Kerja;
b. Peraturan Perusahaan; atau
c.	Perjanjian Kerja Bersama.
Pasal 69
(1)	Pengusaha yang terlambat membayar dan/atau tidak membayar Upah sebagaimana dimaksud dalam Pasal 53 ayat (1) dikenai denda dengan ketentuan:
a. mulai dari hari keempat sampai hari kedelapan terhitung tanggal seharusnya Upah dibayar, dikenakan denda sebesar 5% (lima persen) untuk setiap hari keterlambatan dari Upah yang seharusnya dibayarkan;
b. setelah hari kedelapan, apabila Upah masih belum dibayar, dikenakan denda keterlambatan sebagaimana dimaksud pada huruf a ditambah 1% (satu persen) untuk setiap hari keterlambatan dengan ketentuan 1 (satu) bulan tidak boleh melebihi 50% (lima puluh persen) dari Upah yang seharusnya dibayarkan; dan
c.	dalam hal Upah belum dibayarkan sesudah sebulan, dikenakan denda keterlambatan sebagaimana dimaksud pada huruf a dan huruf b ditambah bunga sebesar suku bunga tertinggi yang berlaku pada bank pemerintah.
(2)	Pengenaan denda sebagaimana dimaksud pada ayat (1) tidak menghilangkan kewajiban Pengusaha untuk tetap membayar Upah kepada Pekerja/Buruh.
Pasal 70
(1)	Pengusaha yang terlambat membayar tunjangan hari raya keagamaan kepada Pekerja/Buruh dikenai denda sebesar 5% (lima persen) dari total tunjangan hari raya keagamaan yang harus dibayar sejak berakhirnya batas waktu kewajiban Pengusaha untuk membayar.
(2)	Pengenaan denda sebagaimana dimaksud pada ayat (1) tidak menghilangkan kewajiban Pengusaha untuk tetap membayar tunjangan hari raya keagamaan kepada Pekerja/Buruh.
Paragraf 3
Pemotongan Upah
Pasal 71
(1)	Pemotongan Upah oleh Pengusaha dapat dilakukan untuk pembayaran:
